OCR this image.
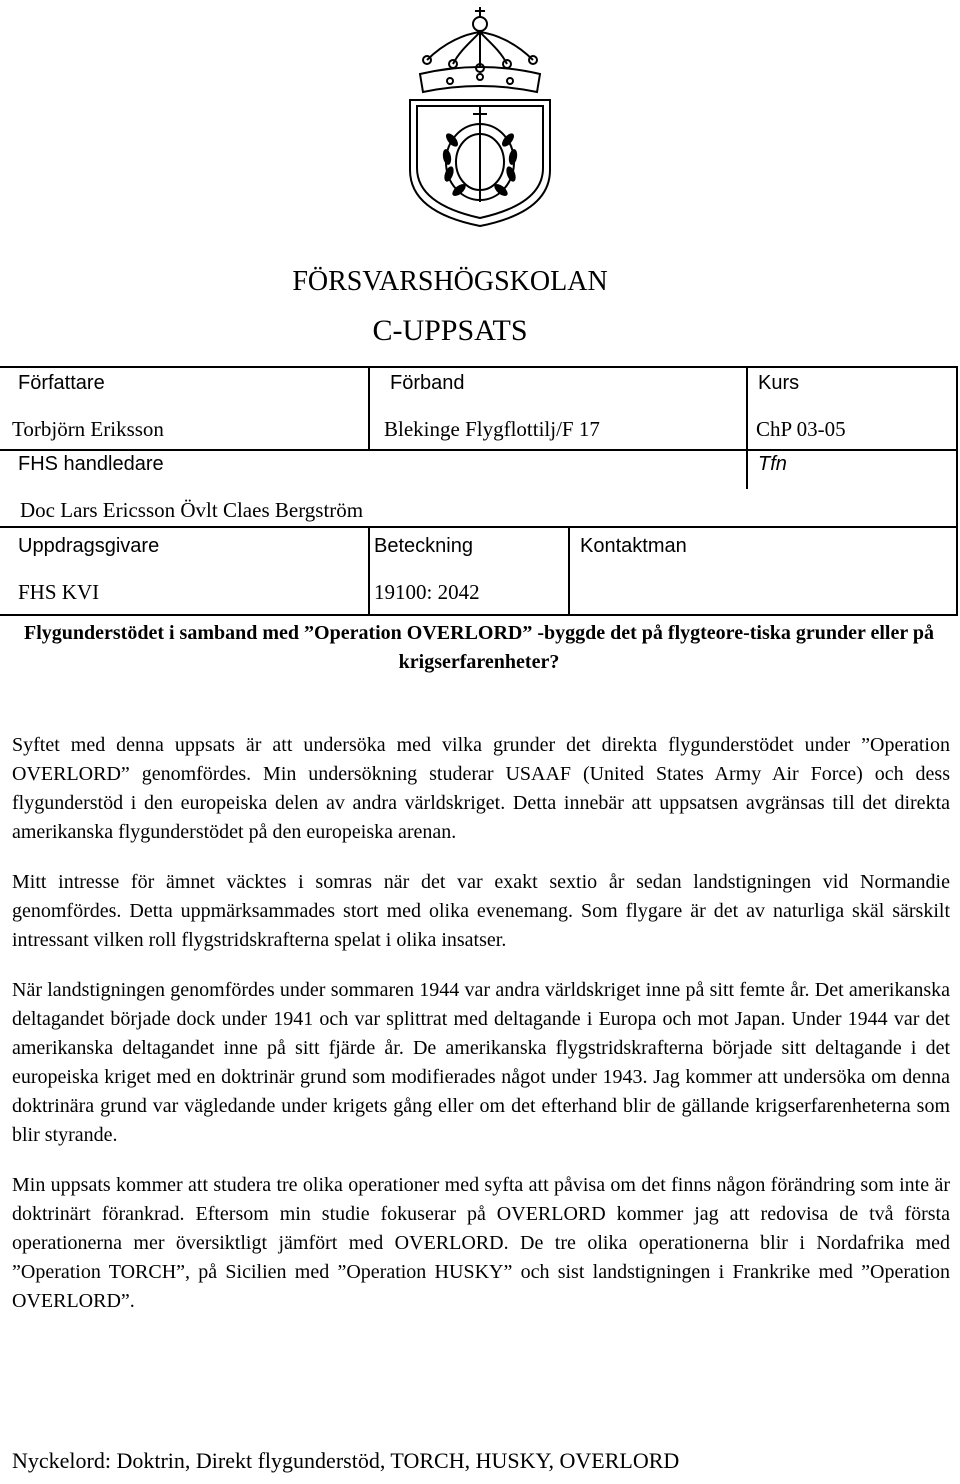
FÖRSVARSHÖGSKOLAN
C-UPPSATS
Författare
Torbjörn Eriksson
Förband
Blekinge Flygflottilj/F 17
Kurs
ChP 03-05
FHS handledare	Tfn
Doc Lars Ericsson Övlt Claes Bergström
Uppdragsgivare
FHS KVI
Beteckning
19100: 2042
Kontaktman
Flygunderstödet i samband med ”Operation OVERLORD” -byggde det på flygteore-tiska grunder eller på krigserfarenheter?

Syftet med denna uppsats är att undersöka med vilka grunder det direkta flygunderstödet under ”Operation OVERLORD” genomfördes. Min undersökning studerar USAAF (United States Army Air Force) och dess flygunderstöd i den europeiska delen av andra världskriget. Detta innebär att uppsatsen avgränsas till det direkta amerikanska flygunderstödet på den europeiska arenan.

Mitt intresse för ämnet väcktes i somras när det var exakt sextio år sedan landstigningen vid Normandie genomfördes. Detta uppmärksammades stort med olika evenemang. Som flygare är det av naturliga skäl särskilt intressant vilken roll flygstridskrafterna spelat i olika insatser.

När landstigningen genomfördes under sommaren 1944 var andra världskriget inne på sitt femte år. Det amerikanska deltagandet började dock under 1941 och var splittrat med deltagande i Europa och mot Japan. Under 1944 var det amerikanska deltagandet inne på sitt fjärde år. De amerikanska flygstridskrafterna började sitt deltagande i det europeiska kriget med en doktrinär grund som modifierades något under 1943. Jag kommer att undersöka om denna doktrinära grund var vägledande under krigets gång eller om det efterhand blir de gällande krigserfarenheterna som blir styrande.

Min uppsats kommer att studera tre olika operationer med syfta att påvisa om det finns någon förändring som inte är doktrinärt förankrad. Eftersom min studie fokuserar på OVERLORD kommer jag att redovisa de två första operationerna mer översiktligt jämfört med OVERLORD. De tre olika operationerna blir i Nordafrika med ”Operation TORCH”, på Sicilien med ”Operation HUSKY” och sist landstigningen i Frankrike med ”Operation OVERLORD”.

Nyckelord: Doktrin, Direkt flygunderstöd, TORCH, HUSKY, OVERLORD
